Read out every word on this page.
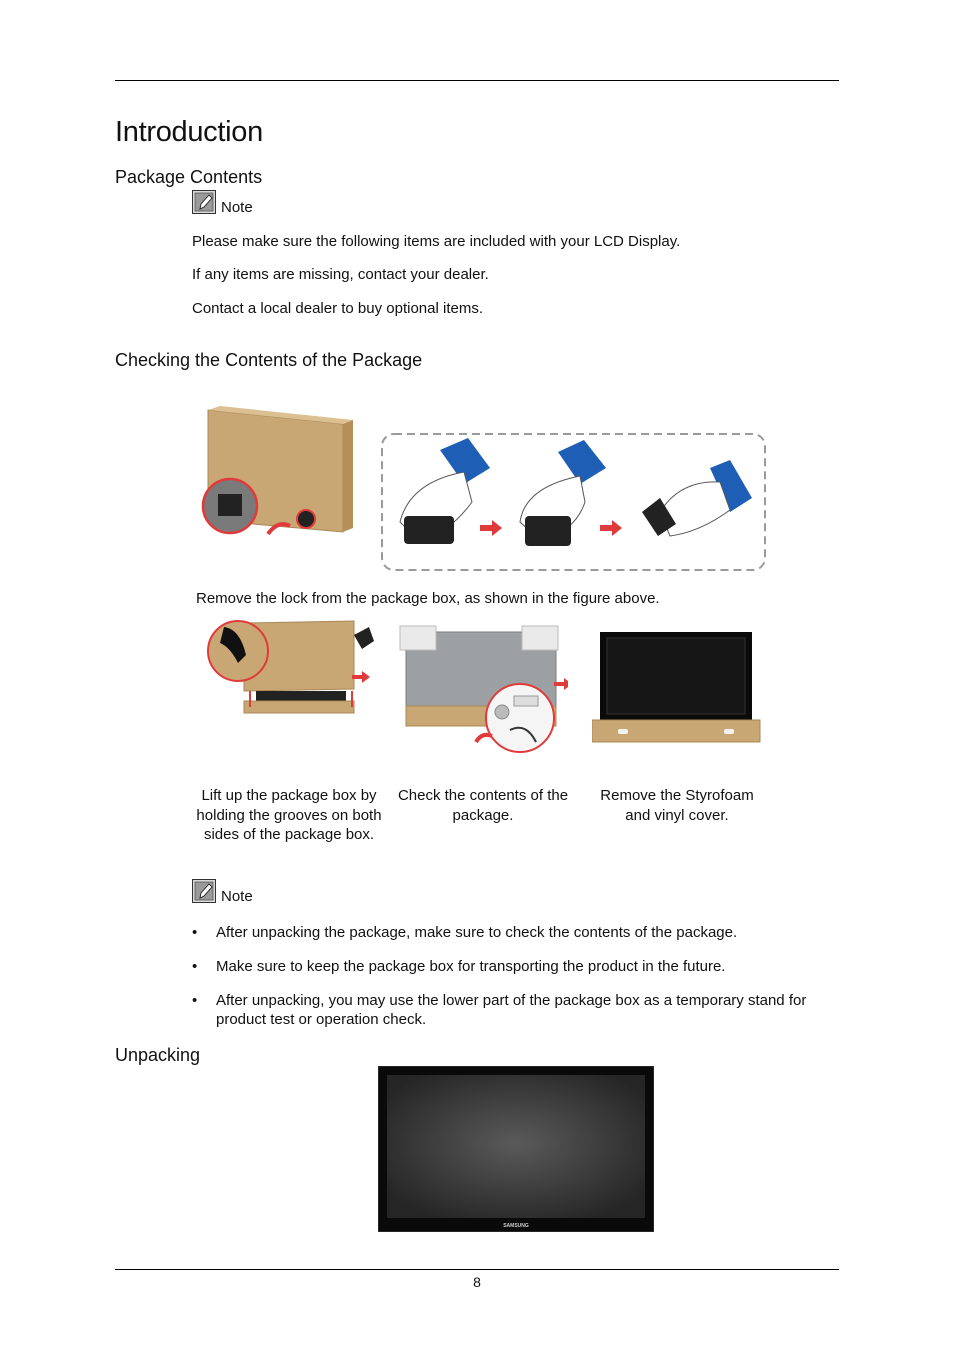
Introduction
Package Contents
Note
Please make sure the following items are included with your LCD Display.
If any items are missing, contact your dealer.
Contact a local dealer to buy optional items.
Checking the Contents of the Package
Remove the lock from the package box, as shown in the figure above.
Lift up the package box by holding the grooves on both sides of the package box.
Check the contents of the package.
Remove the Styrofoam and vinyl cover.
Note
• After unpacking the package, make sure to check the contents of the package.
• Make sure to keep the package box for transporting the product in the future.
• After unpacking, you may use the lower part of the package box as a temporary stand for product test or operation check.
Unpacking
SAMSUNG
8
